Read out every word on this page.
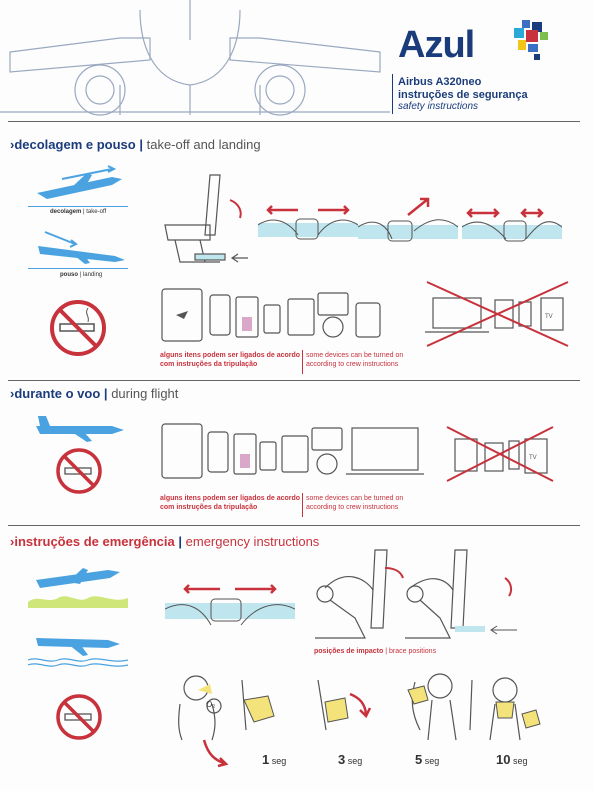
Azul
Airbus A320neo
instruções de segurança
safety instructions
›decolagem e pouso | take-off and landing
decolagem | take-off
pouso | landing
alguns itens podem ser ligados de acordo com instruções da tripulação
some devices can be turned on according to crew instructions
TV
›durante o voo | during flight
alguns itens podem ser ligados de acordo com instruções da tripulação
some devices can be turned on according to crew instructions
TV
›instruções de emergência | emergency instructions
posições de impacto | brace positions
O₂
1 seg	3 seg	5 seg	10 seg
